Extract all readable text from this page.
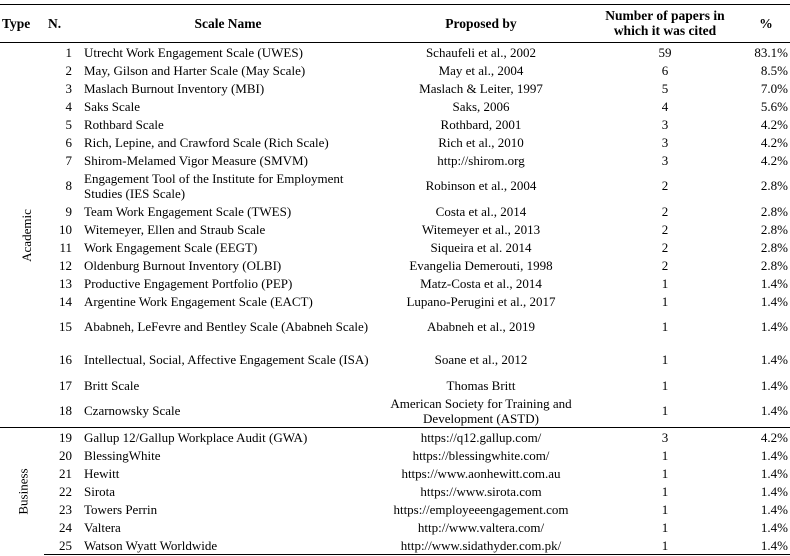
Type	N.	Scale Name	Proposed by	Number of papers in which it was cited	%
Academic	1	Utrecht Work Engagement Scale (UWES)	Schaufeli et al., 2002	59	83.1%
	2	May, Gilson and Harter Scale (May Scale)	May et al., 2004	6	8.5%
	3	Maslach Burnout Inventory (MBI)	Maslach & Leiter, 1997	5	7.0%
	4	Saks Scale	Saks, 2006	4	5.6%
	5	Rothbard Scale	Rothbard, 2001	3	4.2%
	6	Rich, Lepine, and Crawford Scale (Rich Scale)	Rich et al., 2010	3	4.2%
	7	Shirom-Melamed Vigor Measure (SMVM)	http://shirom.org	3	4.2%
	8	Engagement Tool of the Institute for Employment Studies (IES Scale)	Robinson et al., 2004	2	2.8%
	9	Team Work Engagement Scale (TWES)	Costa et al., 2014	2	2.8%
	10	Witemeyer, Ellen and Straub Scale	Witemeyer et al., 2013	2	2.8%
	11	Work Engagement Scale (EEGT)	Siqueira et al. 2014	2	2.8%
	12	Oldenburg Burnout Inventory (OLBI)	Evangelia Demerouti, 1998	2	2.8%
	13	Productive Engagement Portfolio (PEP)	Matz-Costa et al., 2014	1	1.4%
	14	Argentine Work Engagement Scale (EACT)	Lupano-Perugini et al., 2017	1	1.4%
	15	Ababneh, LeFevre and Bentley Scale (Ababneh Scale)	Ababneh et al., 2019	1	1.4%
	16	Intellectual, Social, Affective Engagement Scale (ISA)	Soane et al., 2012	1	1.4%
	17	Britt Scale	Thomas Britt	1	1.4%
	18	Czarnowsky Scale	American Society for Training and Development (ASTD)	1	1.4%
Business	19	Gallup 12/Gallup Workplace Audit (GWA)	https://q12.gallup.com/	3	4.2%
	20	BlessingWhite	https://blessingwhite.com/	1	1.4%
	21	Hewitt	https://www.aonhewitt.com.au	1	1.4%
	22	Sirota	https://www.sirota.com	1	1.4%
	23	Towers Perrin	https://employeeengagement.com	1	1.4%
	24	Valtera	http://www.valtera.com/	1	1.4%
	25	Watson Wyatt Worldwide	http://www.sidathyder.com.pk/	1	1.4%
